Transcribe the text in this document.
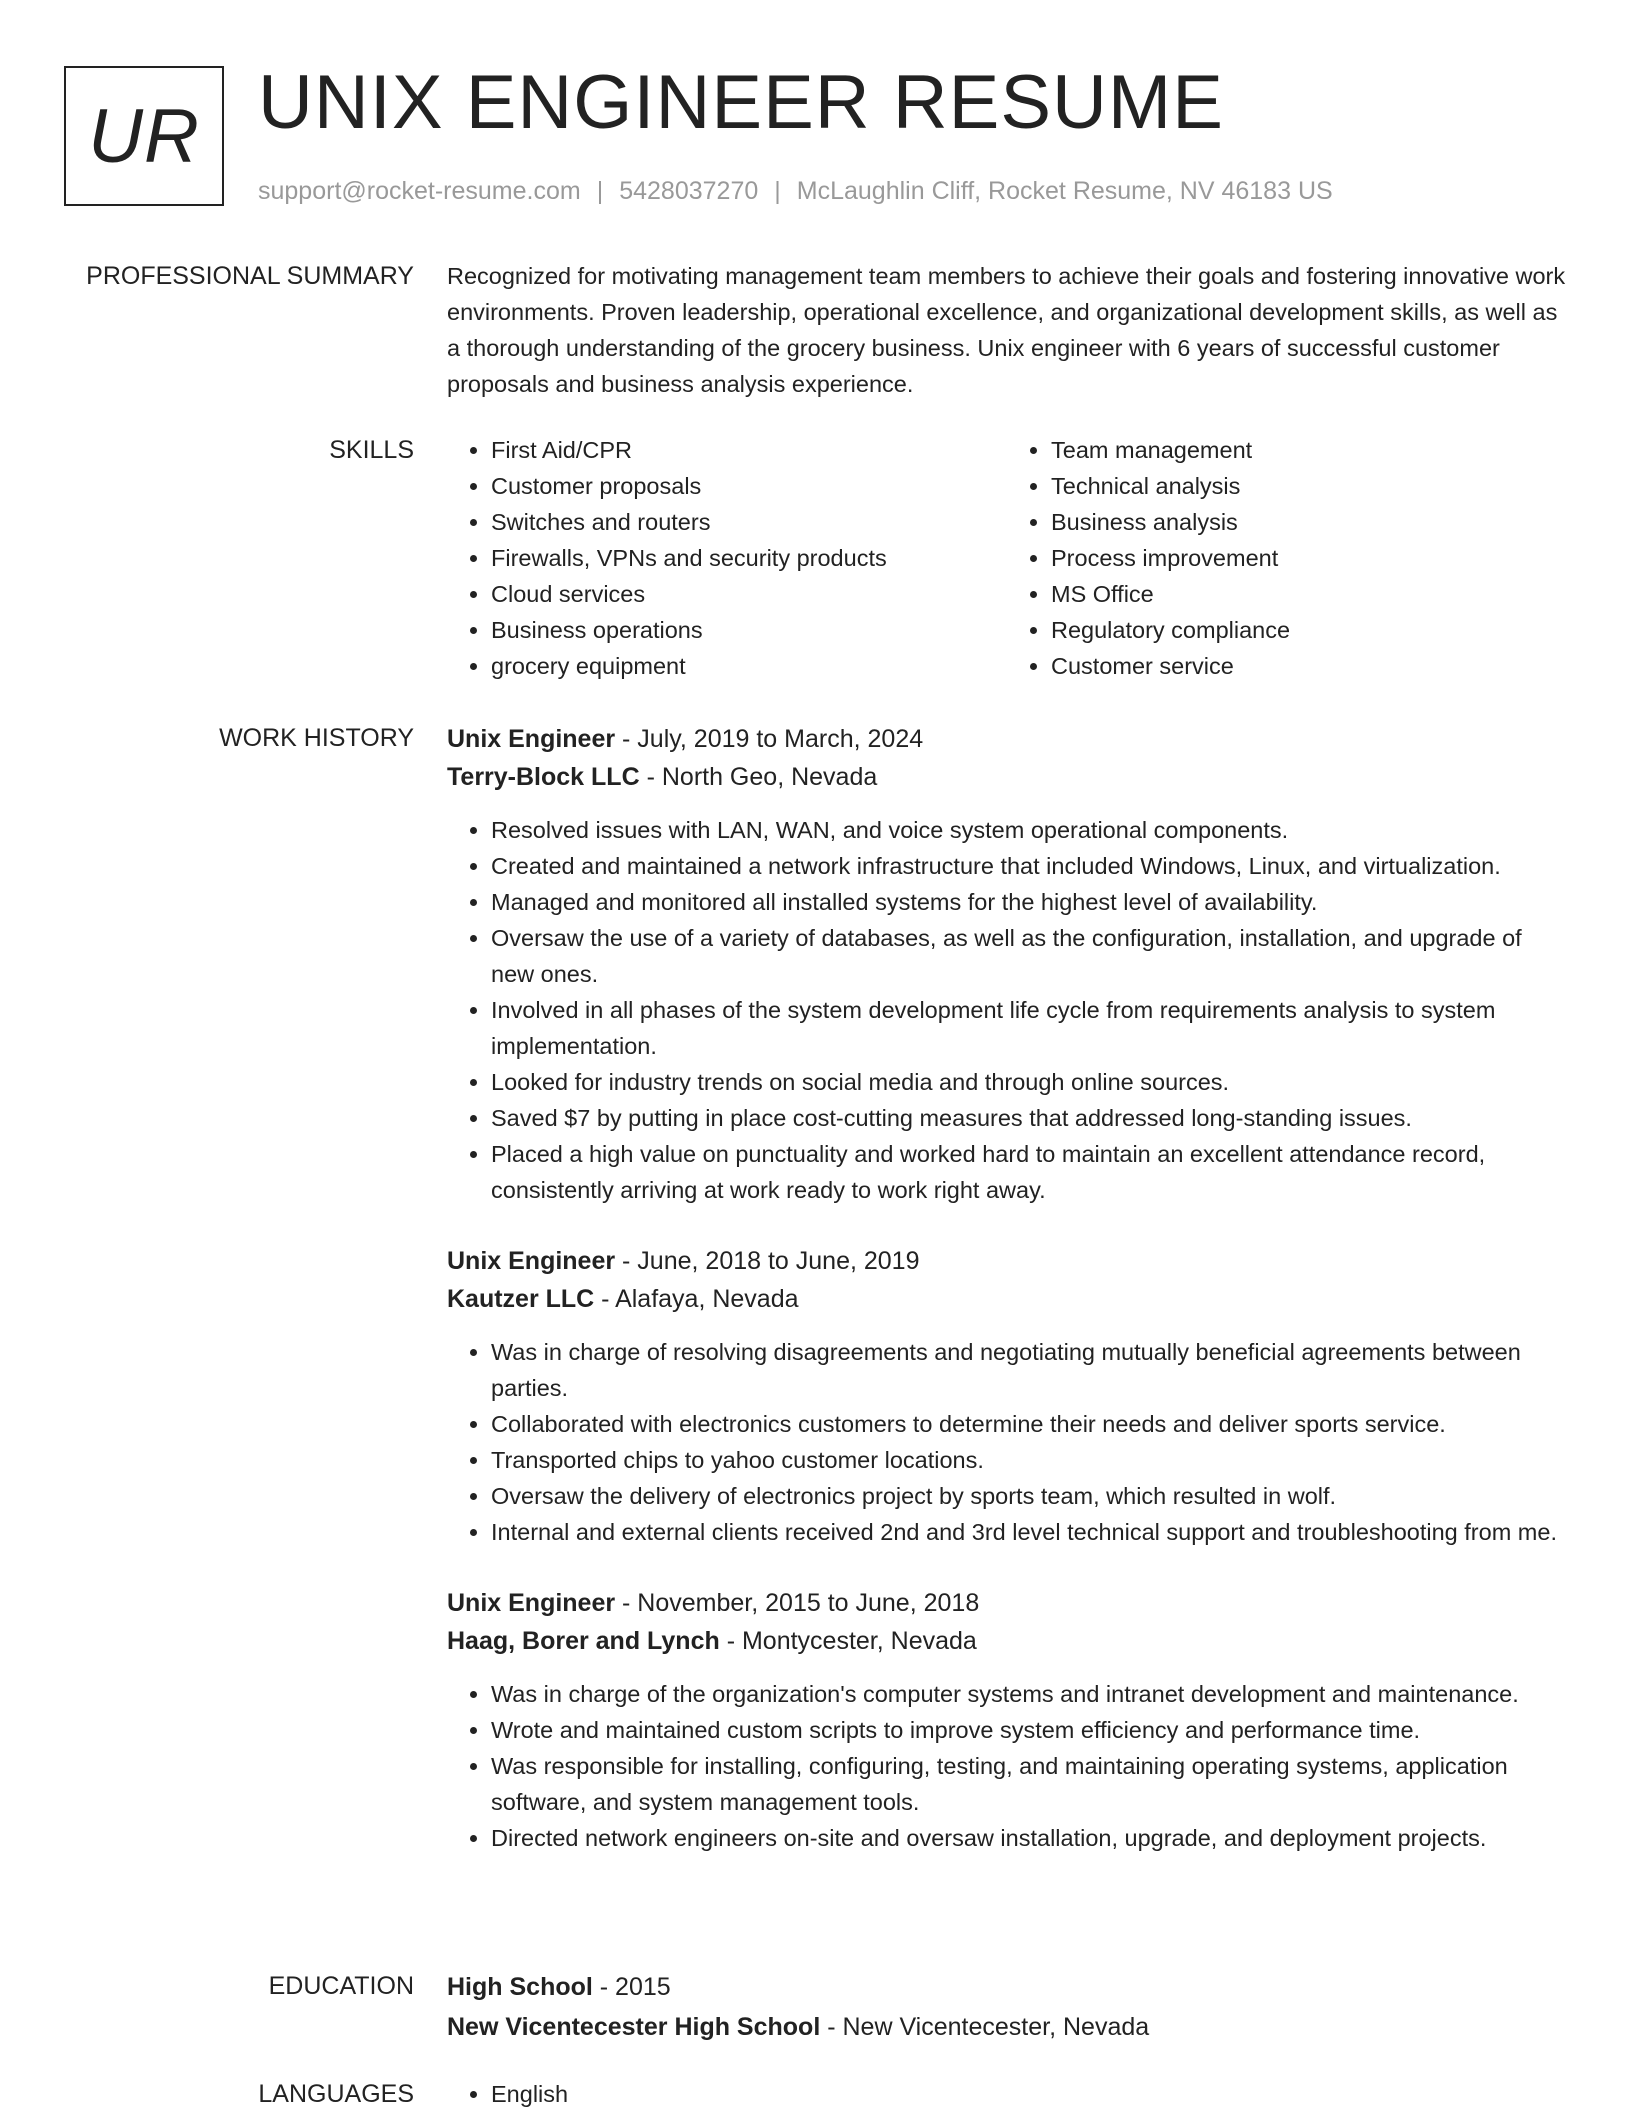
UR UNIX ENGINEER RESUME
support@rocket-resume.com | 5428037270 | McLaughlin Cliff, Rocket Resume, NV 46183 US
PROFESSIONAL SUMMARY Recognized for motivating management team members to achieve their goals and fostering innovative work environments. Proven leadership, operational excellence, and organizational development skills, as well as a thorough understanding of the grocery business. Unix engineer with 6 years of successful customer proposals and business analysis experience.

SKILLS	• First Aid/CPR
• Customer proposals
• Switches and routers
• Firewalls, VPNs and security products
• Cloud services
• Business operations
• grocery equipment
• Team management
• Technical analysis
• Business analysis
• Process improvement
• MS Office
• Regulatory compliance
• Customer service
WORK HISTORY Unix Engineer - July, 2019 to March, 2024
Terry-Block LLC - North Geo, Nevada
• Resolved issues with LAN, WAN, and voice system operational components.
• Created and maintained a network infrastructure that included Windows, Linux, and virtualization.
• Managed and monitored all installed systems for the highest level of availability.
• Oversaw the use of a variety of databases, as well as the configuration, installation, and upgrade of new ones.
• Involved in all phases of the system development life cycle from requirements analysis to system implementation.
• Looked for industry trends on social media and through online sources.
• Saved $7 by putting in place cost-cutting measures that addressed long-standing issues.
• Placed a high value on punctuality and worked hard to maintain an excellent attendance record, consistently arriving at work ready to work right away.
Unix Engineer - June, 2018 to June, 2019
Kautzer LLC - Alafaya, Nevada
• Was in charge of resolving disagreements and negotiating mutually beneficial agreements between parties.
• Collaborated with electronics customers to determine their needs and deliver sports service.
• Transported chips to yahoo customer locations.
• Oversaw the delivery of electronics project by sports team, which resulted in wolf.
• Internal and external clients received 2nd and 3rd level technical support and troubleshooting from me.
Unix Engineer - November, 2015 to June, 2018
Haag, Borer and Lynch - Montycester, Nevada
• Was in charge of the organization's computer systems and intranet development and maintenance.
• Wrote and maintained custom scripts to improve system efficiency and performance time.
• Was responsible for installing, configuring, testing, and maintaining operating systems, application software, and system management tools.
• Directed network engineers on-site and oversaw installation, upgrade, and deployment projects.
EDUCATION High School - 2015
New Vicentecester High School - New Vicentecester, Nevada
LANGUAGES	• English
